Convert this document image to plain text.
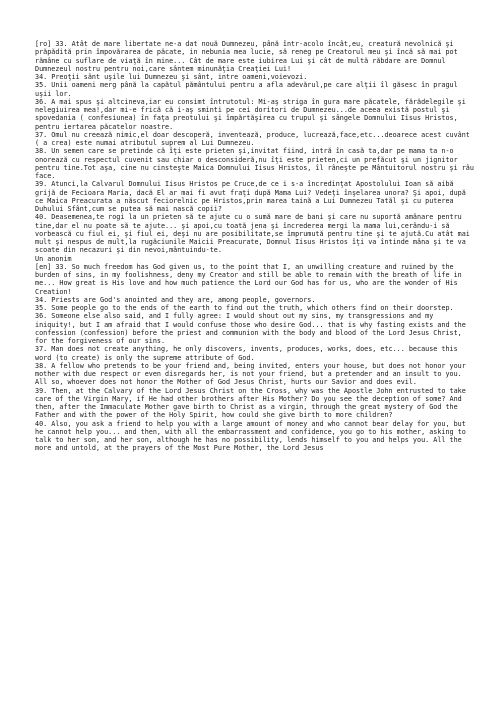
[ro] 33. Atât de mare libertate ne-a dat nouă Dumnezeu, până într-acolo încât,eu, creatură nevolnică şi prăpădită prin împovărarea de păcate, in nebunia mea lucie, să reneg pe Creatorul meu şi încă să mai pot rămâne cu suflare de viaţă în mine... Cât de mare este iubirea Lui şi cât de multă răbdare are Domnul Dumnezeul nostru pentru noi,care sântem minunăţia Creaţiei Lui!

34. Preoţii sânt uşile lui Dumnezeu şi sânt, intre oameni,voievozi.

35. Unii oameni merg până la capătul pământului pentru a afla adevărul,pe care alţii îl găsesc în pragul uşii lor.

36. A mai spus şi altcineva,iar eu consimt întrutotul: Mi-aş striga în gura mare păcatele, fărădelegile şi nelegiuirea mea!,dar mi-e frică că i-aş sminti pe cei doritori de Dumnezeu...de aceea există postul şi spovedania ( confesiunea) în faţa preotului şi împărtăşirea cu trupul şi sângele Domnului Iisus Hristos, pentru iertarea păcatelor noastre.

37. Omul nu creează nimic,el doar descoperă, inventează, produce, lucrează,face,etc...deoarece acest cuvânt ( a crea) este numai atributul suprem al Lui Dumnezeu.

38. Un semen care se pretinde că îţi este prieten şi,invitat fiind, intră în casă ta,dar pe mama ta n-o onorează cu respectul cuvenit sau chiar o desconsideră,nu îţi este prieten,ci un prefăcut şi un jignitor pentru tine.Tot aşa, cine nu cinsteşte Maica Domnului Iisus Hristos, îl râneşte pe Mântuitorul nostru şi râu face.

39. Atunci,la Calvarul Domnului Iisus Hristos pe Cruce,de ce i s-a încredinţat Apostolului Ioan să aibă grijă de Fecioara Maria, dacă El ar mai fi avut fraţi după Mama Lui? Vedeţi înşelarea unora? Şi apoi, după ce Maica Preacurata a născut feciorelnic pe Hristos,prin marea taină a Lui Dumnezeu Tatăl şi cu puterea Duhului Sfânt,cum se putea să mai nască copii?

40. Deasemenea,te rogi la un prieten să te ajute cu o sumă mare de bani şi care nu suportă amânare pentru tine,dar el nu poate să te ajute... şi apoi,cu toată jena şi încrederea mergi la mama lui,cerându-i să vorbească cu fiul ei, şi fiul ei, deşi nu are posibilitate,se împrumută pentru tine şi te ajută.Cu atât mai mult şi nespus de mult,la rugăciunile Maicii Preacurate, Domnul Iisus Hristos îţi va întinde mâna şi te va scoate din necazuri şi din nevoi,mântuindu-te.

Un anonim

[en] 33. So much freedom has God given us, to the point that I, an unwilling creature and ruined by the burden of sins, in my foolishness, deny my Creator and still be able to remain with the breath of life in me... How great is His love and how much patience the Lord our God has for us, who are the wonder of His Creation!

34. Priests are God's anointed and they are, among people, governors.

35. Some people go to the ends of the earth to find out the truth, which others find on their doorstep.

36. Someone else also said, and I fully agree: I would shout out my sins, my transgressions and my iniquity!, but I am afraid that I would confuse those who desire God... that is why fasting exists and the confession (confession) before the priest and communion with the body and blood of the Lord Jesus Christ, for the forgiveness of our sins.

37. Man does not create anything, he only discovers, invents, produces, works, does, etc... because this word (to create) is only the supreme attribute of God.

38. A fellow who pretends to be your friend and, being invited, enters your house, but does not honor your mother with due respect or even disregards her, is not your friend, but a pretender and an insult to you. All so, whoever does not honor the Mother of God Jesus Christ, hurts our Savior and does evil.

39. Then, at the Calvary of the Lord Jesus Christ on the Cross, why was the Apostle John entrusted to take care of the Virgin Mary, if He had other brothers after His Mother? Do you see the deception of some? And then, after the Immaculate Mother gave birth to Christ as a virgin, through the great mystery of God the Father and with the power of the Holy Spirit, how could she give birth to more children?

40. Also, you ask a friend to help you with a large amount of money and who cannot bear delay for you, but he cannot help you... and then, with all the embarrassment and confidence, you go to his mother, asking to talk to her son, and her son, although he has no possibility, lends himself to you and helps you. All the more and untold, at the prayers of the Most Pure Mother, the Lord Jesus
